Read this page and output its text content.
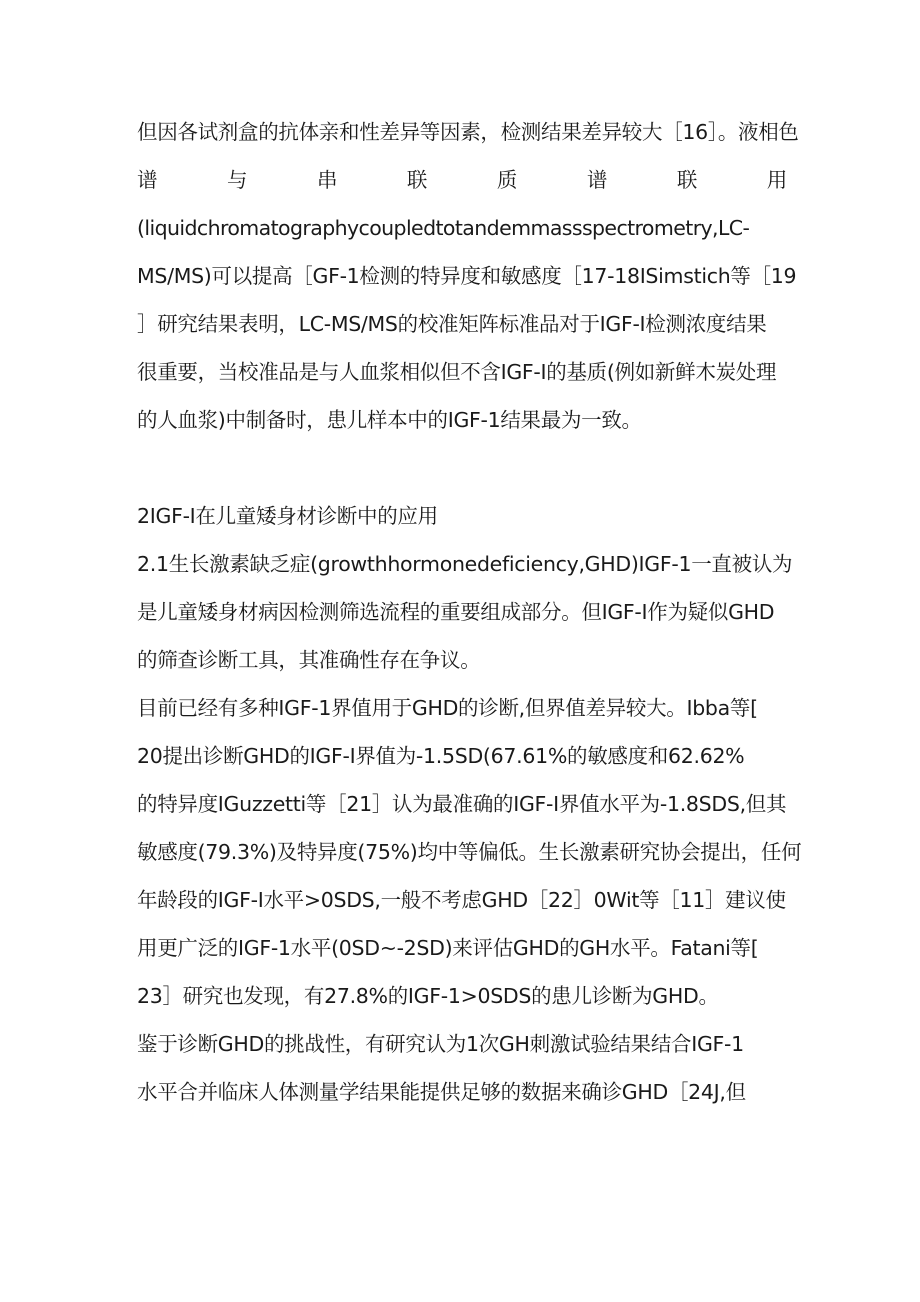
但因各试剂盒的抗体亲和性差异等因素，检测结果差异较大［16］。液相色
谱	与	串	联	质	谱	联	用
(liquidchromatographycoupledtotandemmassspectrometry,LC-
MS/MS)可以提高［GF-1检测的特异度和敏感度［17-18ISimstich等［19
］研究结果表明，LC-MS/MS的校准矩阵标准品对于IGF-I检测浓度结果
很重要，当校准品是与人血浆相似但不含IGF-I的基质(例如新鲜木炭处理
的人血浆)中制备时，患儿样本中的IGF-1结果最为一致。
2IGF-I在儿童矮身材诊断中的应用
2.1生长激素缺乏症(growthhormonedeficiency,GHD)IGF-1一直被认为
是儿童矮身材病因检测筛选流程的重要组成部分。但IGF-I作为疑似GHD
的筛查诊断工具，其准确性存在争议。
目前已经有多种IGF-1界值用于GHD的诊断,但界值差异较大。Ibba等[
20提出诊断GHD的IGF-I界值为-1.5SD(67.61%的敏感度和62.62%
的特异度IGuzzetti等［21］认为最准确的IGF-I界值水平为-1.8SDS,但其
敏感度(79.3%)及特异度(75%)均中等偏低。生长激素研究协会提出，任何
年龄段的IGF-I水平>0SDS,一般不考虑GHD［22］0Wit等［11］建议使
用更广泛的IGF-1水平(0SD~-2SD)来评估GHD的GH水平。Fatani等[
23］研究也发现，有27.8%的IGF-1>0SDS的患儿诊断为GHD。
鉴于诊断GHD的挑战性，有研究认为1次GH刺激试验结果结合IGF-1
水平合并临床人体测量学结果能提供足够的数据来确诊GHD［24J,但
